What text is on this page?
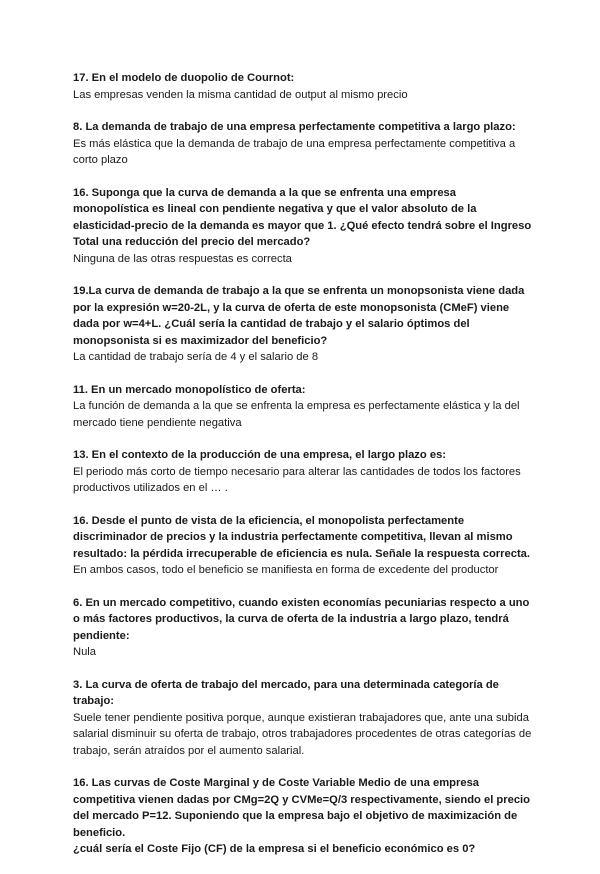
17. En el modelo de duopolio de Cournot:

Las empresas venden la misma cantidad de output al mismo precio

8. La demanda de trabajo de una empresa perfectamente competitiva a largo plazo:

Es más elástica que la demanda de trabajo de una empresa perfectamente competitiva a
corto plazo

16. Suponga que la curva de demanda a la que se enfrenta una empresa
monopolística es lineal con pendiente negativa y que el valor absoluto de la
elasticidad-precio de la demanda es mayor que 1. ¿Qué efecto tendrá sobre el Ingreso
Total una reducción del precio del mercado?

Ninguna de las otras respuestas es correcta

19.La curva de demanda de trabajo a la que se enfrenta un monopsonista viene dada
por la expresión w=20-2L, y la curva de oferta de este monopsonista (CMeF) viene
dada por w=4+L. ¿Cuál sería la cantidad de trabajo y el salario óptimos del
monopsonista si es maximizador del beneficio?

La cantidad de trabajo sería de 4 y el salario de 8

11. En un mercado monopolístico de oferta:

La función de demanda a la que se enfrenta la empresa es perfectamente elástica y la del
mercado tiene pendiente negativa

13. En el contexto de la producción de una empresa, el largo plazo es:

El periodo más corto de tiempo necesario para alterar las cantidades de todos los factores
productivos utilizados en el … .

16. Desde el punto de vista de la eficiencia, el monopolista perfectamente
discriminador de precios y la industria perfectamente competitiva, llevan al mismo
resultado: la pérdida irrecuperable de eficiencia es nula. Señale la respuesta correcta.

En ambos casos, todo el beneficio se manifiesta en forma de excedente del productor

6. En un mercado competitivo, cuando existen economías pecuniarias respecto a uno
o más factores productivos, la curva de oferta de la industria a largo plazo, tendrá
pendiente:

Nula

3. La curva de oferta de trabajo del mercado, para una determinada categoría de
trabajo:

Suele tener pendiente positiva porque, aunque existieran trabajadores que, ante una subida
salarial disminuir su oferta de trabajo, otros trabajadores procedentes de otras categorías de
trabajo, serán atraídos por el aumento salarial.

16. Las curvas de Coste Marginal y de Coste Variable Medio de una empresa
competitiva vienen dadas por CMg=2Q y CVMe=Q/3 respectivamente, siendo el precio
del mercado P=12. Suponiendo que la empresa bajo el objetivo de maximización de
beneficio.
¿cuál sería el Coste Fijo (CF) de la empresa si el beneficio económico es 0?
